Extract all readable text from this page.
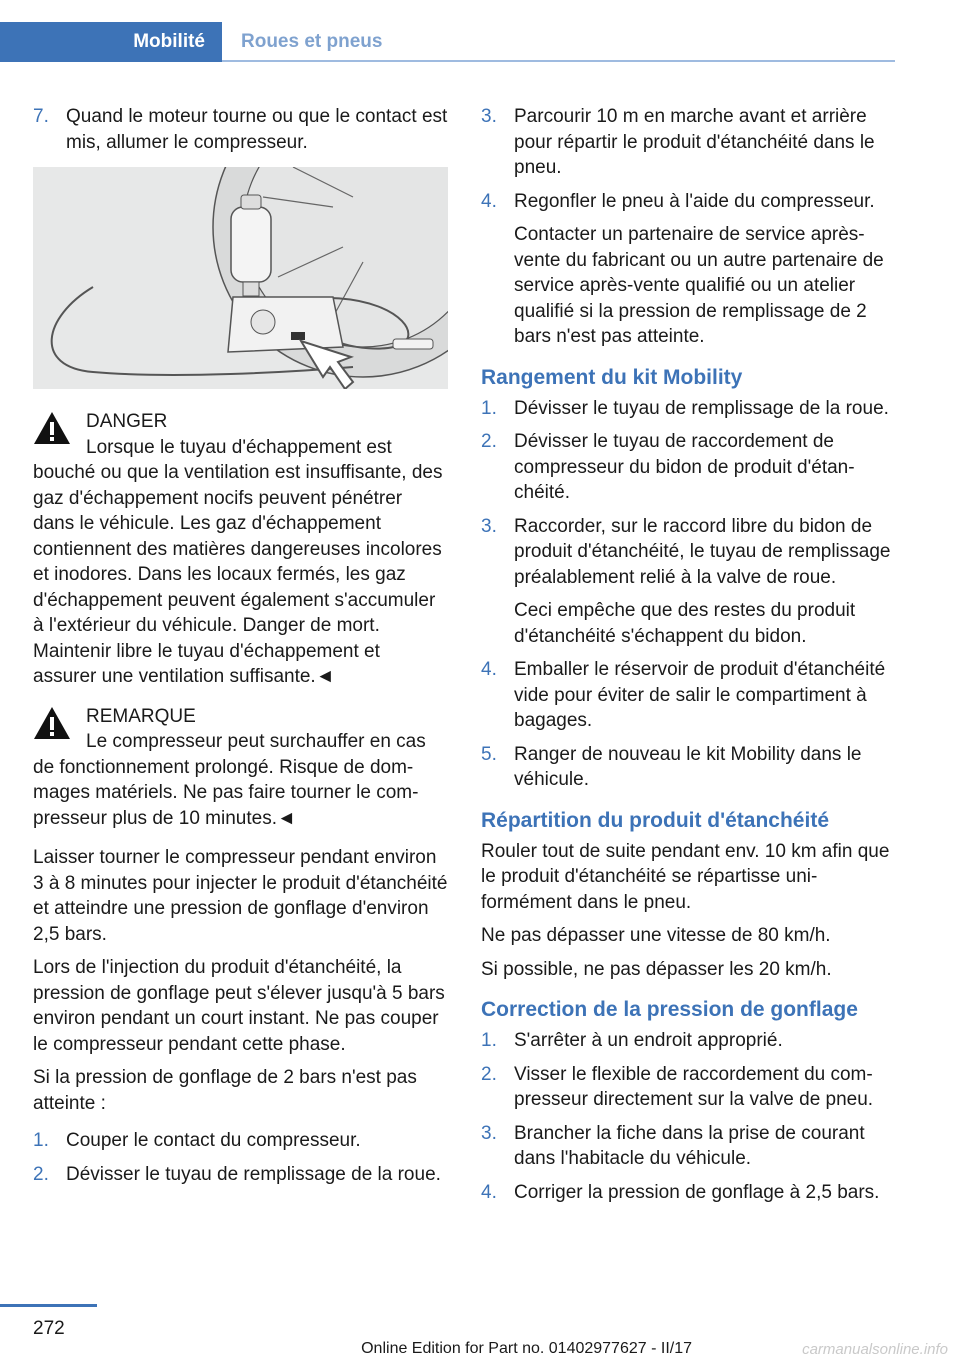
Mobilité	Roues et pneus
7. Quand le moteur tourne ou que le contact est mis, allumer le compresseur.
DANGER
Lorsque le tuyau d'échappement est
bouché ou que la ventilation est insuffisante, des gaz d'échappement nocifs peuvent pénétrer dans le véhicule. Les gaz d'échappement contiennent des matières dangereuses incolores et inodores. Dans les locaux fermés, les gaz d'échappement peuvent également s'accumuler à l'extérieur du véhicule. Danger de mort. Maintenir libre le tuyau d'échappement et assurer une ventilation suffisante.◄
REMARQUE
Le compresseur peut surchauffer en cas
de fonctionnement prolongé. Risque de dommages matériels. Ne pas faire tourner le compresseur plus de 10 minutes.◄

Laisser tourner le compresseur pendant environ 3 à 8 minutes pour injecter le produit d'étanchéité et atteindre une pression de gonflage d'environ 2,5 bars.

Lors de l'injection du produit d'étanchéité, la pression de gonflage peut s'élever jusqu'à 5 bars environ pendant un court instant. Ne pas couper le compresseur pendant cette phase.

Si la pression de gonflage de 2 bars n'est pas atteinte :

1. Couper le contact du compresseur.
2. Dévisser le tuyau de remplissage de la roue.
3. Parcourir 10 m en marche avant et arrière pour répartir le produit d'étanchéité dans le pneu.
4. Regonfler le pneu à l'aide du compresseur.

Contacter un partenaire de service après-vente du fabricant ou un autre partenaire de service après-vente qualifié ou un atelier qualifié si la pression de remplissage de 2 bars n'est pas atteinte.

Rangement du kit Mobility
1. Dévisser le tuyau de remplissage de la roue.
2. Dévisser le tuyau de raccordement de compresseur du bidon de produit d'étanchéité.
3. Raccorder, sur le raccord libre du bidon de produit d'étanchéité, le tuyau de remplissage préalablement relié à la valve de roue.

Ceci empêche que des restes du produit d'étanchéité s'échappent du bidon.

4. Emballer le réservoir de produit d'étanchéité vide pour éviter de salir le compartiment à bagages.
5. Ranger de nouveau le kit Mobility dans le véhicule.
Répartition du produit d'étanchéité

Rouler tout de suite pendant env. 10 km afin que le produit d'étanchéité se répartisse uniformément dans le pneu.

Ne pas dépasser une vitesse de 80 km/h.

Si possible, ne pas dépasser les 20 km/h.

Correction de la pression de gonflage
1. S'arrêter à un endroit approprié.
2. Visser le flexible de raccordement du compresseur directement sur la valve de pneu.
3. Brancher la fiche dans la prise de courant dans l'habitacle du véhicule.
4. Corriger la pression de gonflage à 2,5 bars.
272
Online Edition for Part no. 01402977627 - II/17	carmanualsonline.info
